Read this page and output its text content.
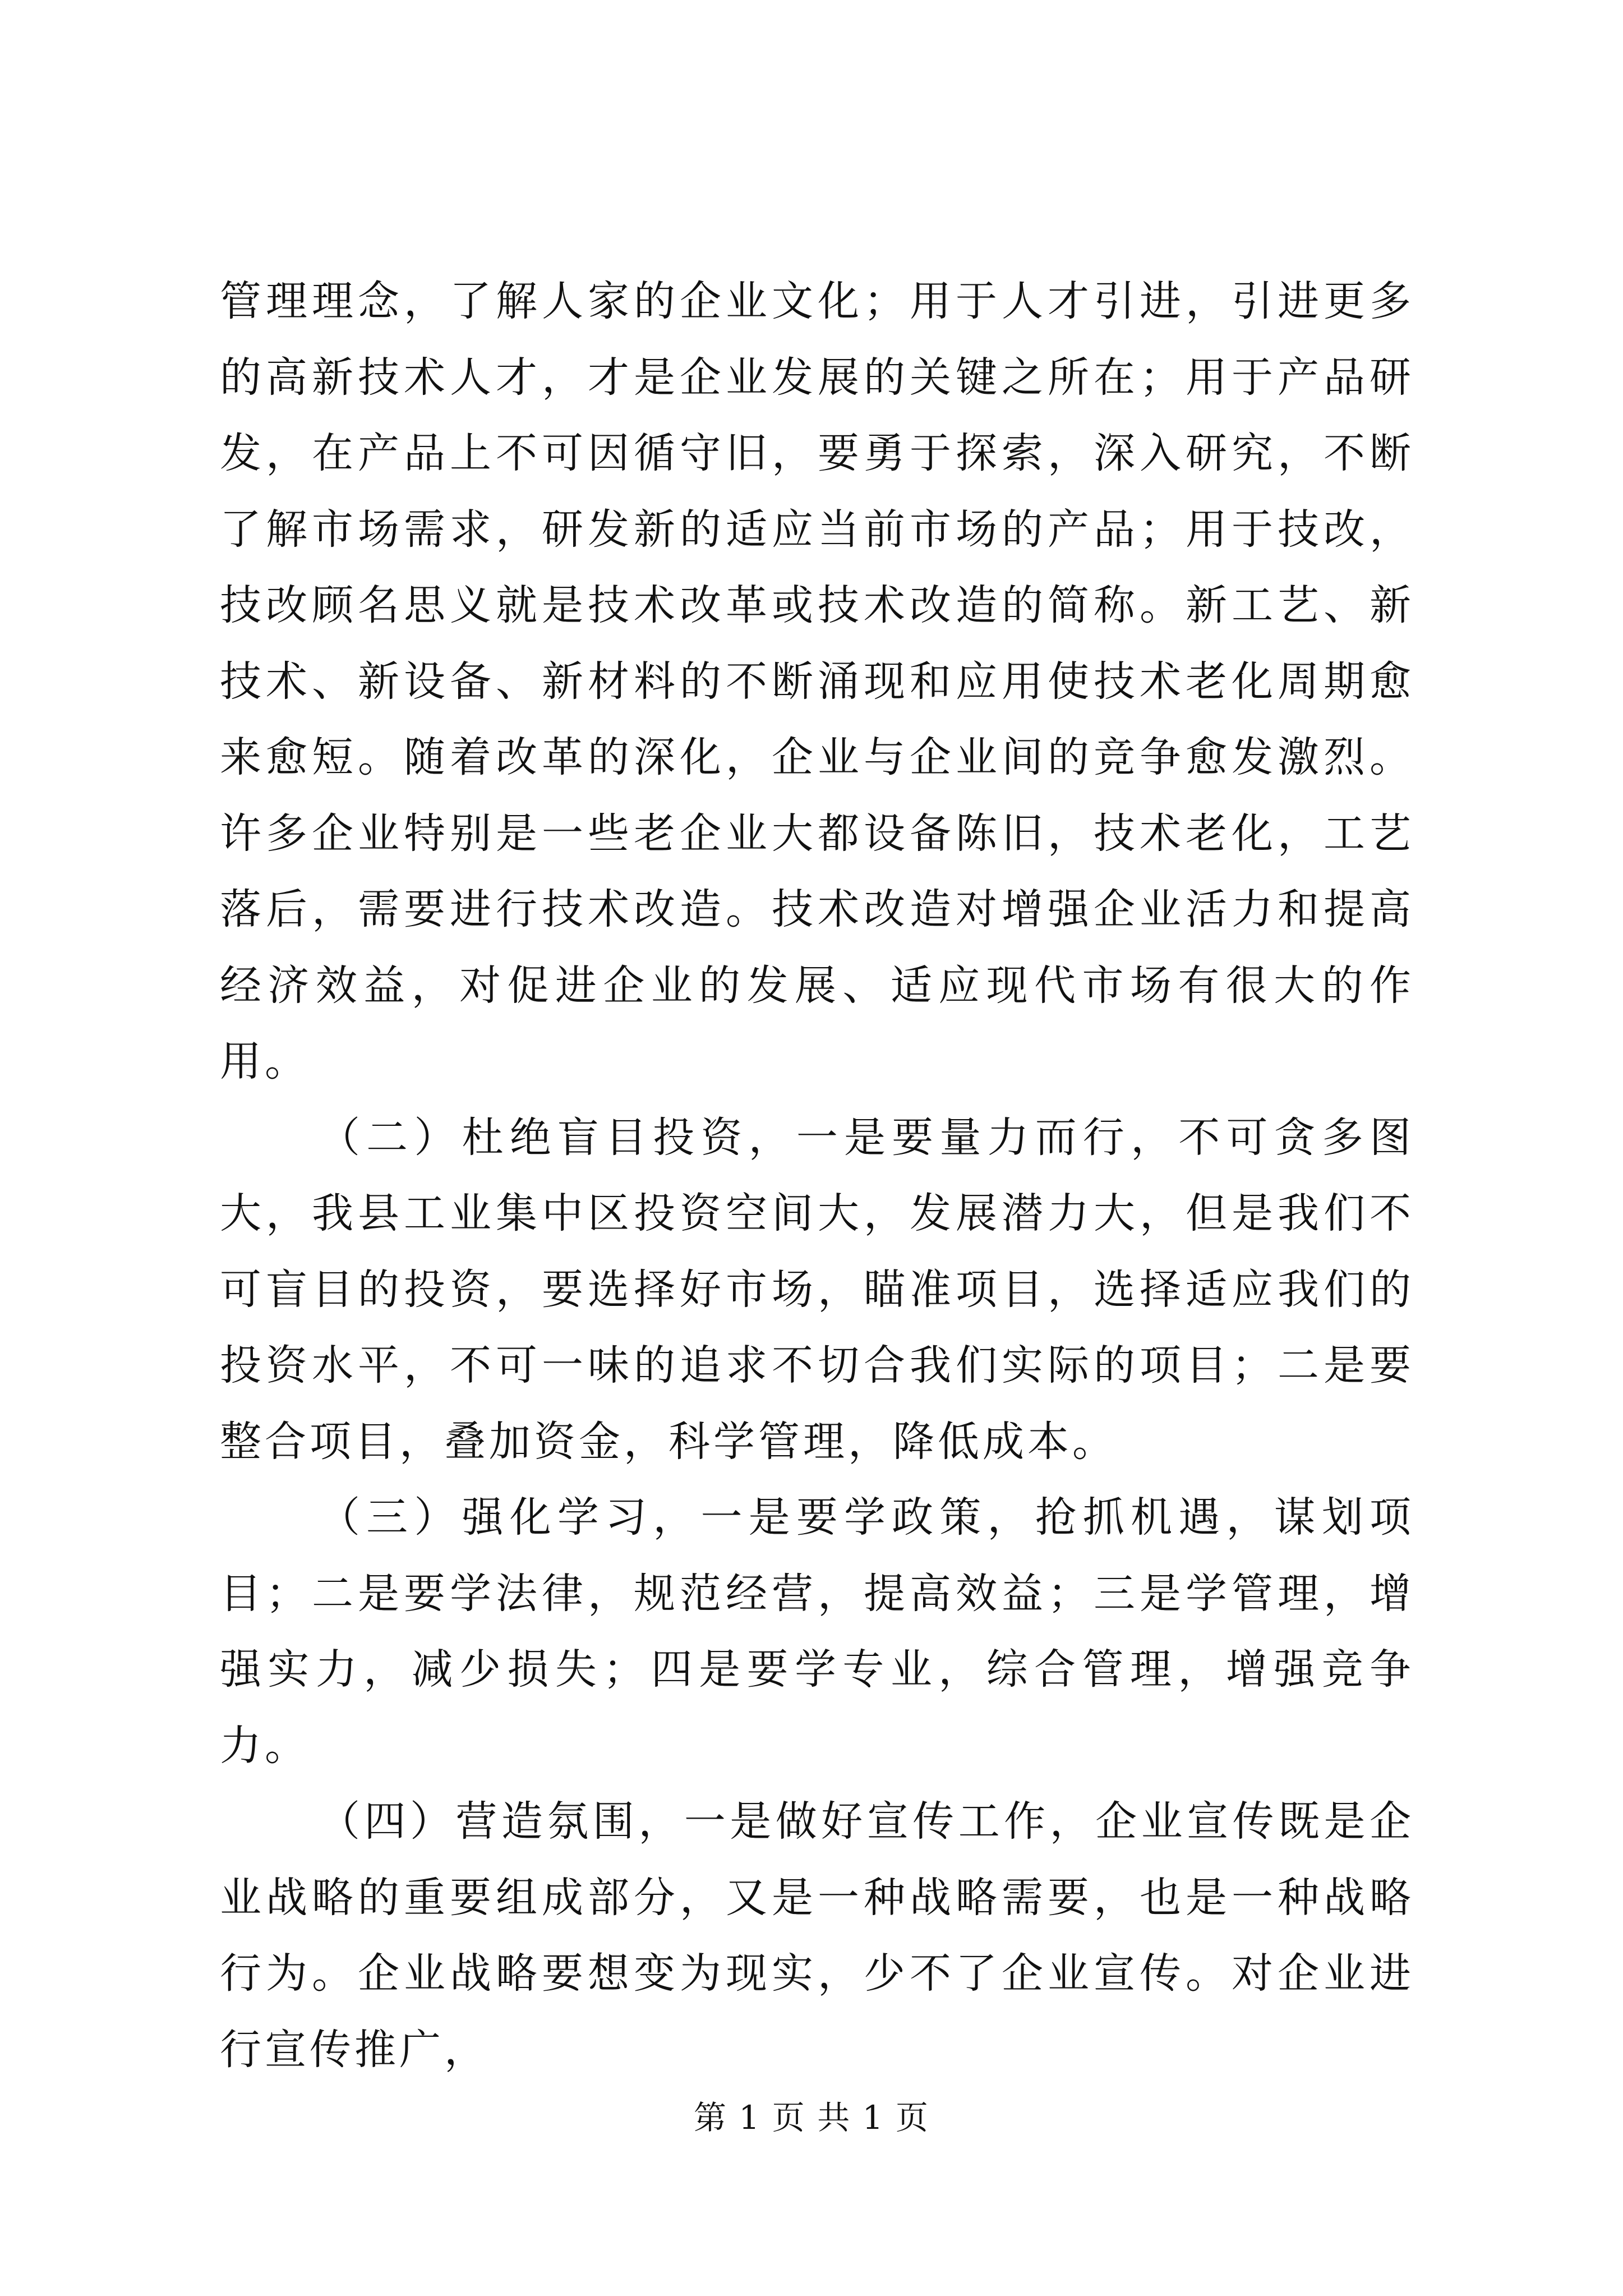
管理理念，了解人家的企业文化；用于人才引进，引进更多的高新技术人才，才是企业发展的关键之所在；用于产品研发，在产品上不可因循守旧，要勇于探索，深入研究，不断了解市场需求，研发新的适应当前市场的产品；用于技改，技改顾名思义就是技术改革或技术改造的简称。新工艺、新技术、新设备、新材料的不断涌现和应用使技术老化周期愈来愈短。随着改革的深化，企业与企业间的竞争愈发激烈。许多企业特别是一些老企业大都设备陈旧，技术老化，工艺落后，需要进行技术改造。技术改造对增强企业活力和提高经济效益，对促进企业的发展、适应现代市场有很大的作用。

（二）杜绝盲目投资，一是要量力而行，不可贪多图大，我县工业集中区投资空间大，发展潜力大，但是我们不可盲目的投资，要选择好市场，瞄准项目，选择适应我们的投资水平，不可一味的追求不切合我们实际的项目；二是要整合项目，叠加资金，科学管理，降低成本。

（三）强化学习，一是要学政策，抢抓机遇，谋划项目；二是要学法律，规范经营，提高效益；三是学管理，增强实力，减少损失；四是要学专业，综合管理，增强竞争力。

（四）营造氛围，一是做好宣传工作，企业宣传既是企业战略的重要组成部分，又是一种战略需要，也是一种战略行为。企业战略要想变为现实，少不了企业宣传。对企业进行宣传推广，

第 1 页 共 1 页
